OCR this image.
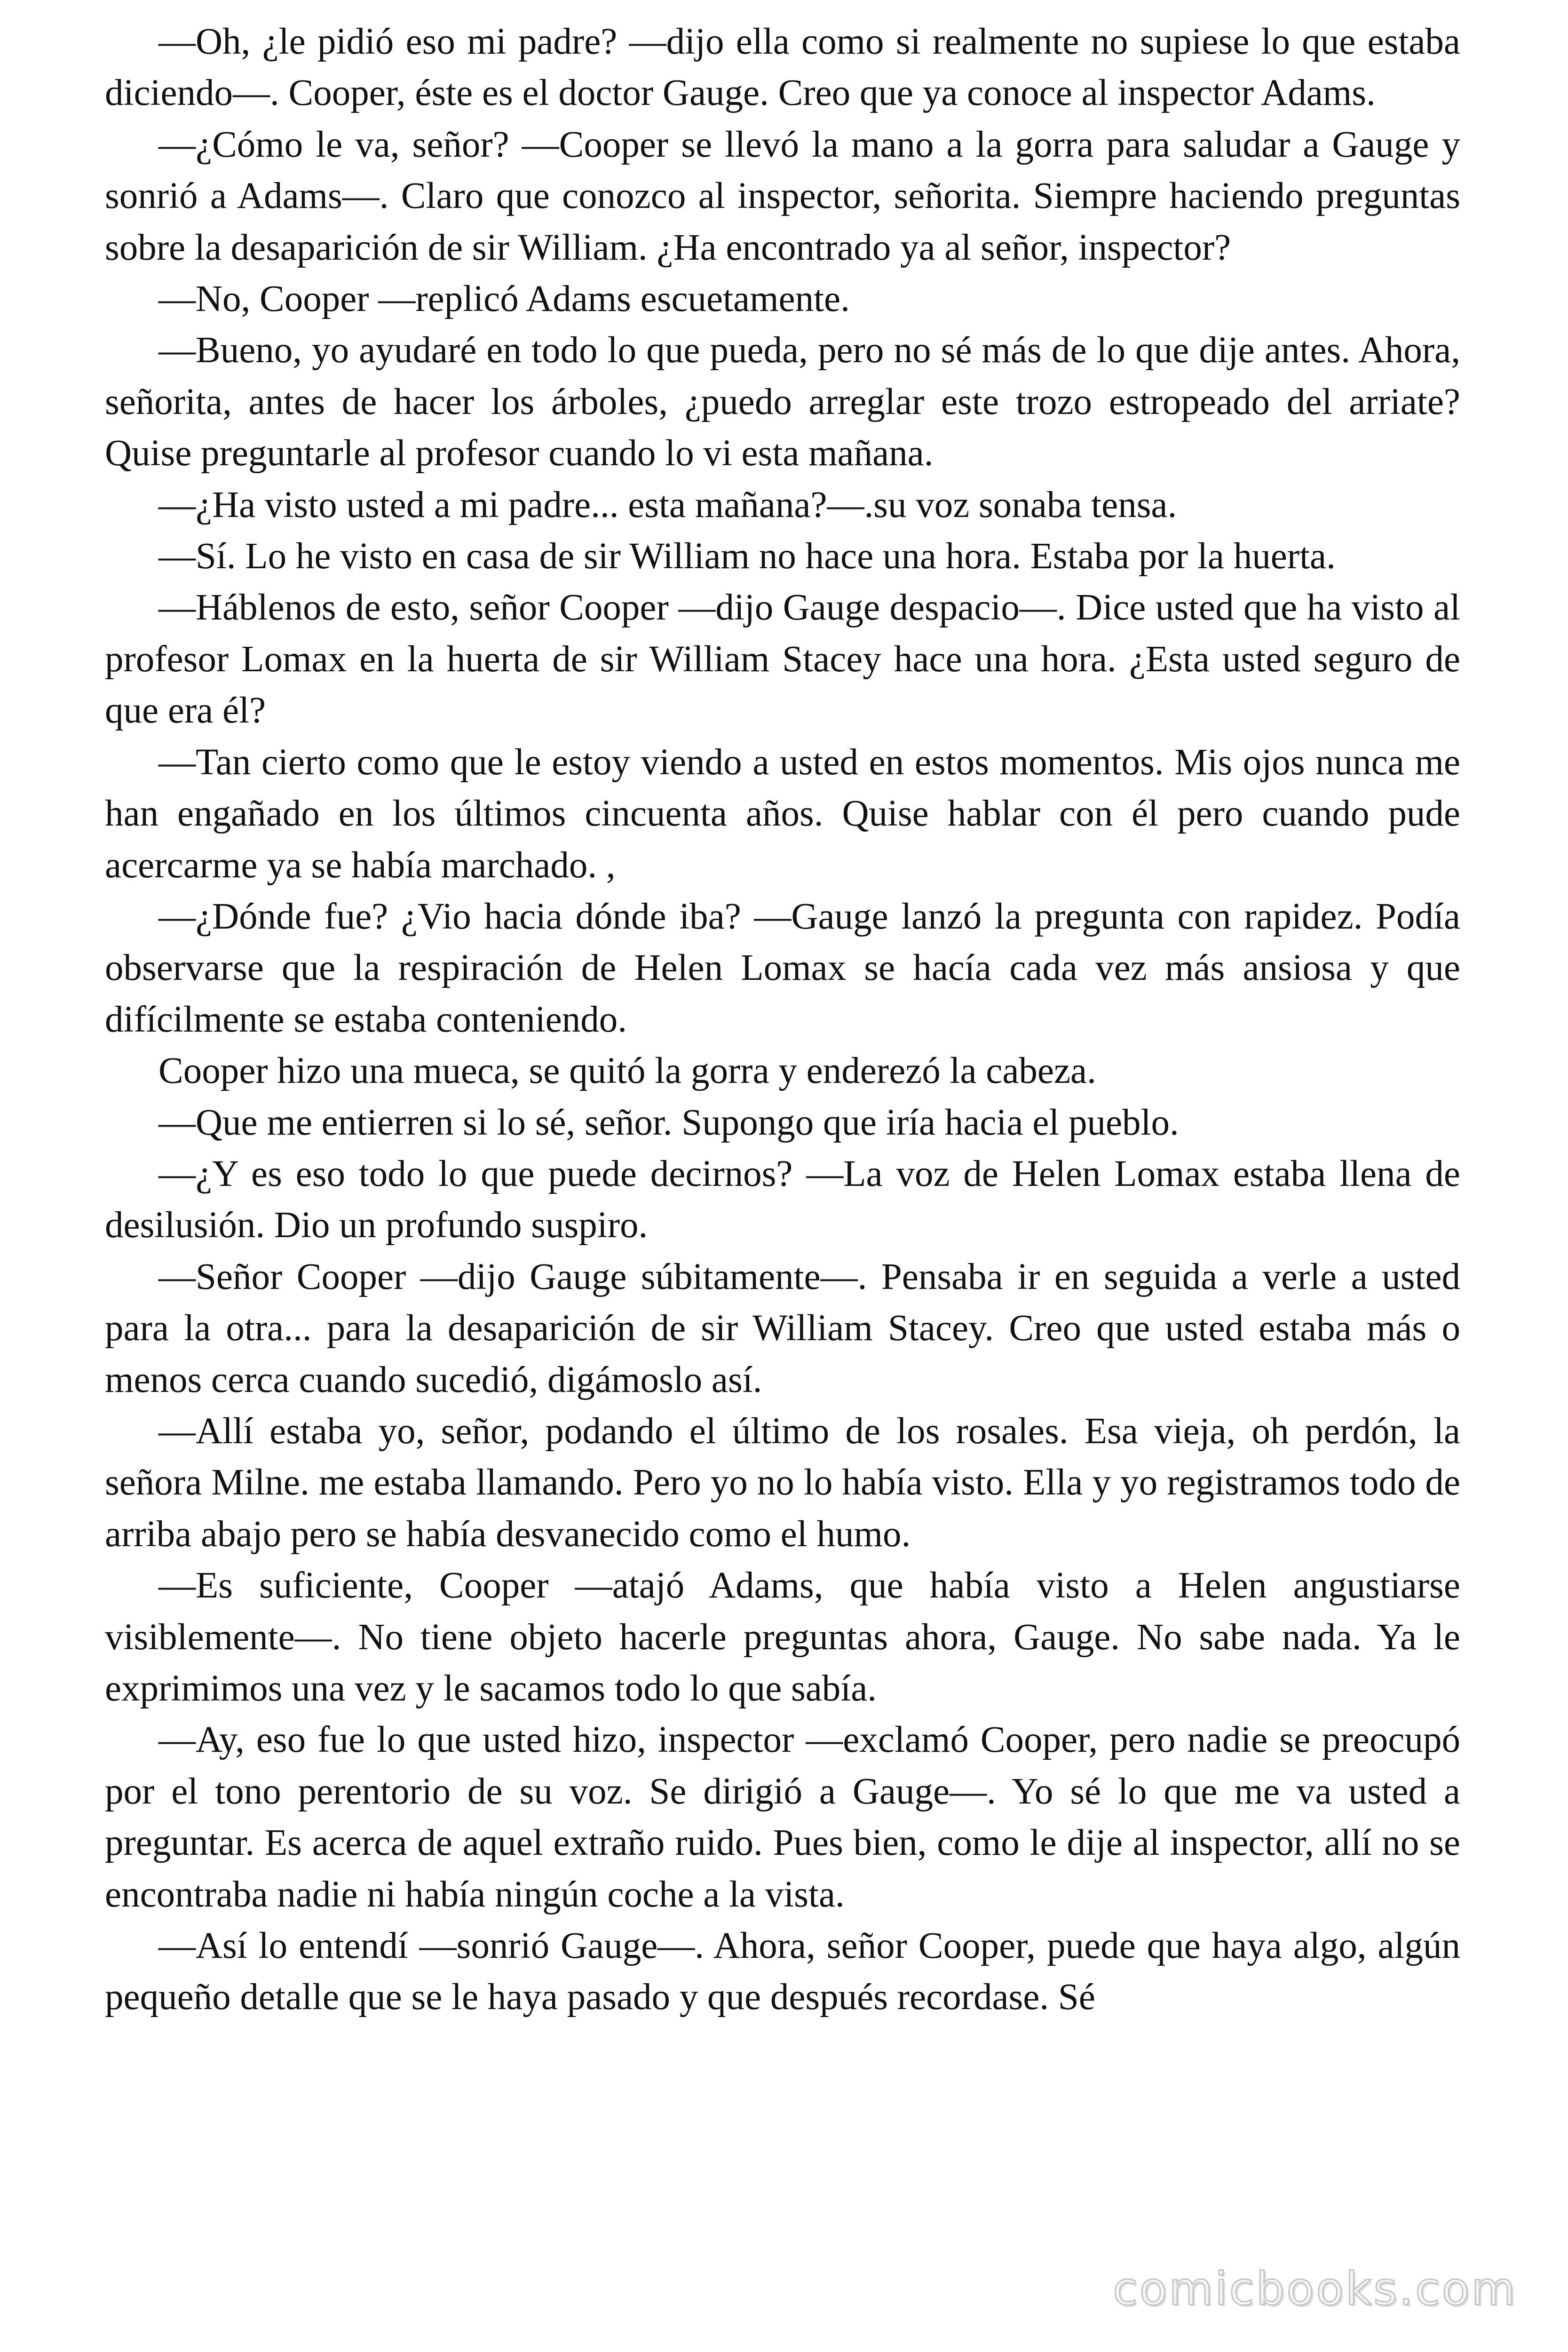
—Oh, ¿le pidió eso mi padre? —dijo ella como si realmente no supiese lo que estaba diciendo—. Cooper, éste es el doctor Gauge. Creo que ya conoce al inspector Adams.

—¿Cómo le va, señor? —Cooper se llevó la mano a la gorra para saludar a Gauge y sonrió a Adams—. Claro que conozco al inspector, señorita. Siempre haciendo preguntas sobre la desaparición de sir William. ¿Ha encontrado ya al señor, inspector?

—No, Cooper —replicó Adams escuetamente.

—Bueno, yo ayudaré en todo lo que pueda, pero no sé más de lo que dije antes. Ahora, señorita, antes de hacer los árboles, ¿puedo arreglar este trozo estropeado del arriate? Quise preguntarle al profesor cuando lo vi esta mañana.

—¿Ha visto usted a mi padre... esta mañana?—.su voz sonaba tensa.

—Sí. Lo he visto en casa de sir William no hace una hora. Estaba por la huerta.

—Háblenos de esto, señor Cooper —dijo Gauge despacio—. Dice usted que ha visto al profesor Lomax en la huerta de sir William Stacey hace una hora. ¿Esta usted seguro de que era él?

—Tan cierto como que le estoy viendo a usted en estos momentos. Mis ojos nunca me han engañado en los últimos cincuenta años. Quise hablar con él pero cuando pude acercarme ya se había marchado. ,

—¿Dónde fue? ¿Vio hacia dónde iba? —Gauge lanzó la pregunta con rapidez. Podía observarse que la respiración de Helen Lomax se hacía cada vez más ansiosa y que difícilmente se estaba conteniendo.

Cooper hizo una mueca, se quitó la gorra y enderezó la cabeza.

—Que me entierren si lo sé, señor. Supongo que iría hacia el pueblo.

—¿Y es eso todo lo que puede decirnos? —La voz de Helen Lomax estaba llena de desilusión. Dio un profundo suspiro.

—Señor Cooper —dijo Gauge súbitamente—. Pensaba ir en seguida a verle a usted para la otra... para la desaparición de sir William Stacey. Creo que usted estaba más o menos cerca cuando sucedió, digámoslo así.

—Allí estaba yo, señor, podando el último de los rosales. Esa vieja, oh perdón, la señora Milne. me estaba llamando. Pero yo no lo había visto. Ella y yo registramos todo de arriba abajo pero se había desvanecido como el humo.

—Es suficiente, Cooper —atajó Adams, que había visto a Helen angustiarse visiblemente—. No tiene objeto hacerle preguntas ahora, Gauge. No sabe nada. Ya le exprimimos una vez y le sacamos todo lo que sabía.

—Ay, eso fue lo que usted hizo, inspector —exclamó Cooper, pero nadie se preocupó por el tono perentorio de su voz. Se dirigió a Gauge—. Yo sé lo que me va usted a preguntar. Es acerca de aquel extraño ruido. Pues bien, como le dije al inspector, allí no se encontraba nadie ni había ningún coche a la vista.

—Así lo entendí —sonrió Gauge—. Ahora, señor Cooper, puede que haya algo, algún pequeño detalle que se le haya pasado y que después recordase. Sé

comicbooks.com
